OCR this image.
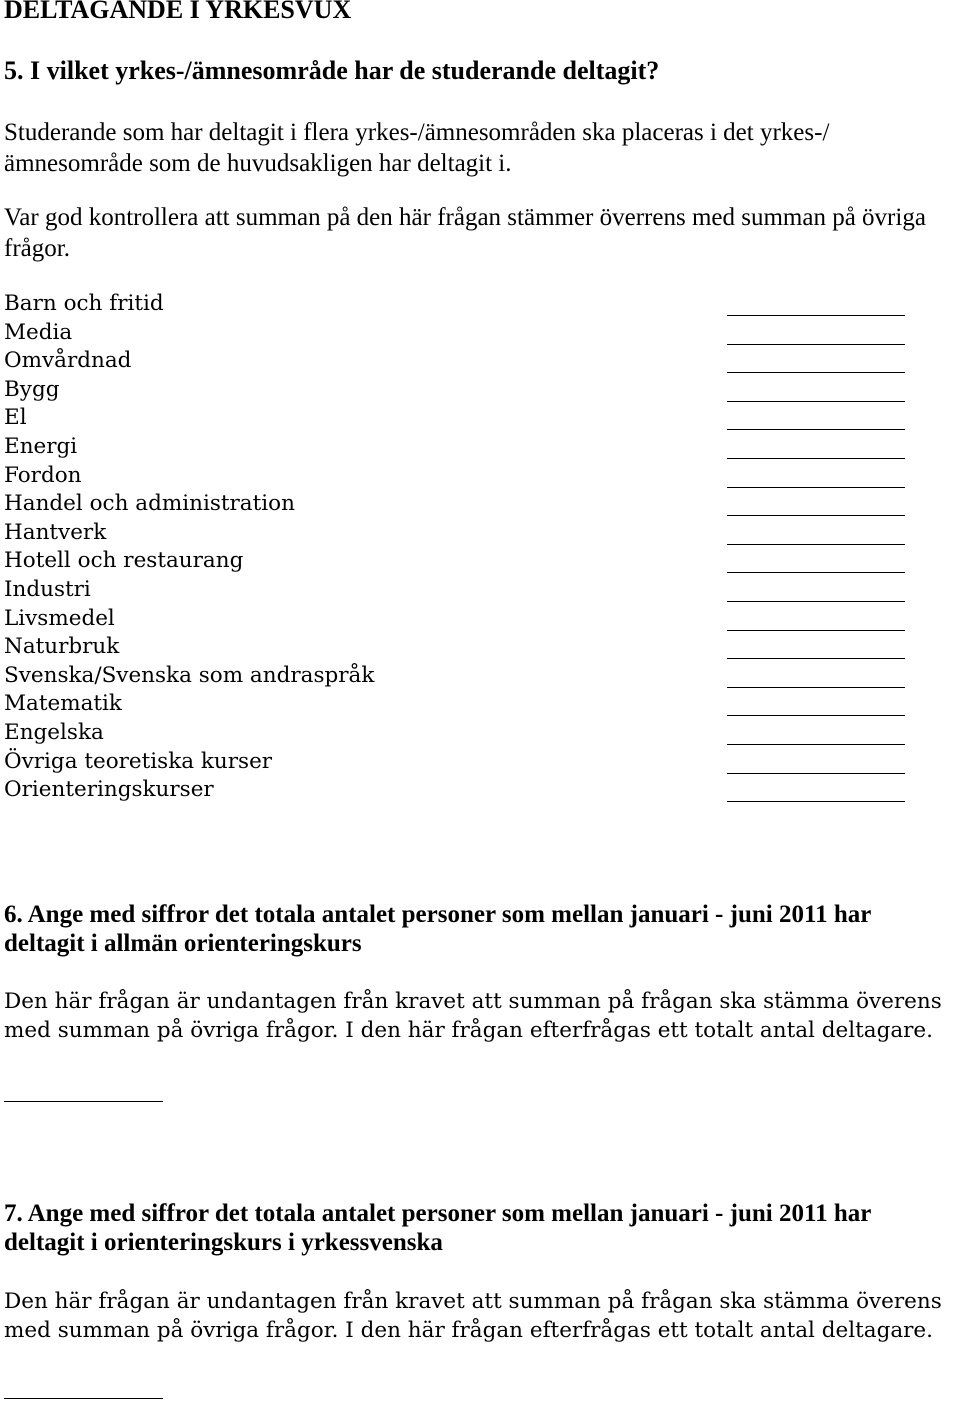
DELTAGANDE I YRKESVUX
5. I vilket yrkes-/ämnesområde har de studerande deltagit?

Studerande som har deltagit i flera yrkes-/ämnesområden ska placeras i det yrkes-/ämnesområde som de huvudsakligen har deltagit i.

Var god kontrollera att summan på den här frågan stämmer överrens med summan på övriga frågor.

Barn och fritid
Media
Omvårdnad
Bygg
El
Energi
Fordon
Handel och administration
Hantverk
Hotell och restaurang
Industri
Livsmedel
Naturbruk
Svenska/Svenska som andraspråk
Matematik
Engelska
Övriga teoretiska kurser
Orienteringskurser
6. Ange med siffror det totala antalet personer som mellan januari - juni 2011 har deltagit i allmän orienteringskurs

Den här frågan är undantagen från kravet att summan på frågan ska stämma överens med summan på övriga frågor. I den här frågan efterfrågas ett totalt antal deltagare.

7. Ange med siffror det totala antalet personer som mellan januari - juni 2011 har deltagit i orienteringskurs i yrkessvenska

Den här frågan är undantagen från kravet att summan på frågan ska stämma överens med summan på övriga frågor. I den här frågan efterfrågas ett totalt antal deltagare.
